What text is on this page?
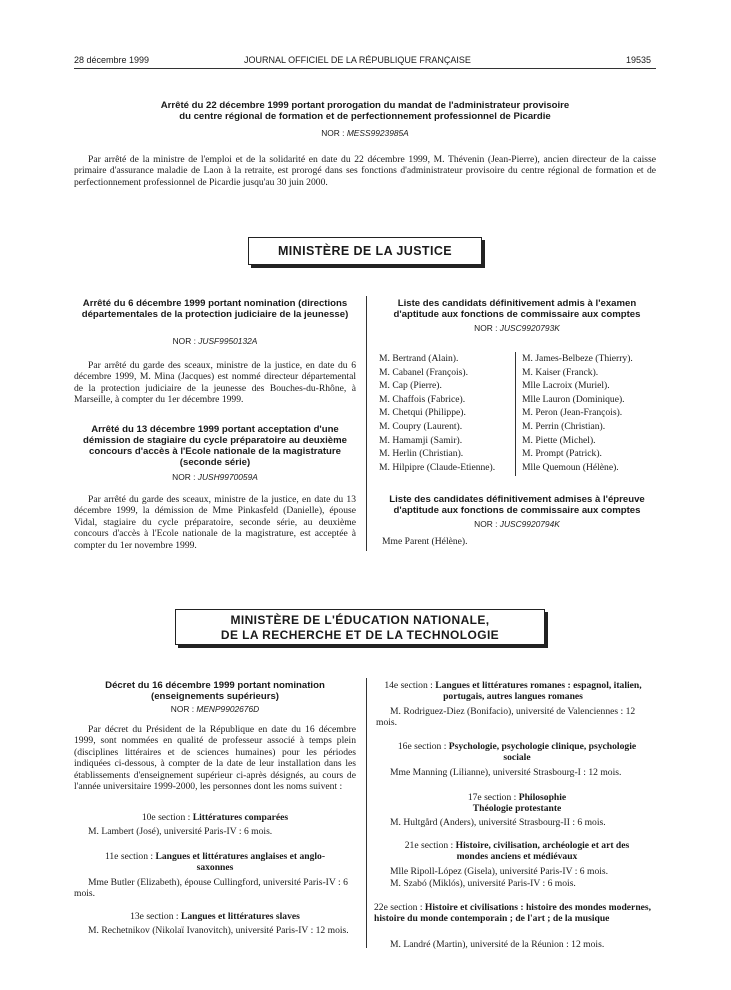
28 décembre 1999	JOURNAL OFFICIEL DE LA RÉPUBLIQUE FRANÇAISE	19535
Arrêté du 22 décembre 1999 portant prorogation du mandat de l'administrateur provisoire
du centre régional de formation et de perfectionnement professionnel de Picardie
NOR : MESS9923985A

Par arrêté de la ministre de l'emploi et de la solidarité en date du 22 décembre 1999, M. Thévenin (Jean-Pierre), ancien directeur de la caisse primaire d'assurance maladie de Laon à la retraite, est prorogé dans ses fonctions d'administrateur provisoire du centre régional de formation et de perfectionnement professionnel de Picardie jusqu'au 30 juin 2000.

MINISTÈRE DE LA JUSTICE
Arrêté du 6 décembre 1999 portant nomination (directions départementales de la protection judiciaire de la jeunesse)
NOR : JUSF9950132A

Par arrêté du garde des sceaux, ministre de la justice, en date du 6 décembre 1999, M. Mina (Jacques) est nommé directeur départemental de la protection judiciaire de la jeunesse des Bouches-du-Rhône, à Marseille, à compter du 1er décembre 1999.

Arrêté du 13 décembre 1999 portant acceptation d'une démission de stagiaire du cycle préparatoire au deuxième concours d'accès à l'Ecole nationale de la magistrature (seconde série)
NOR : JUSH9970059A

Par arrêté du garde des sceaux, ministre de la justice, en date du 13 décembre 1999, la démission de Mme Pinkasfeld (Danielle), épouse Vidal, stagiaire du cycle préparatoire, seconde série, au deuxième concours d'accès à l'Ecole nationale de la magistrature, est acceptée à compter du 1er novembre 1999.

Liste des candidats définitivement admis à l'examen d'aptitude aux fonctions de commissaire aux comptes
NOR : JUSC9920793K
M. Bertrand (Alain).
M. Cabanel (François).
M. Cap (Pierre).
M. Chaffois (Fabrice).
M. Chetqui (Philippe).
M. Coupry (Laurent).
M. Hamamji (Samir).
M. Herlin (Christian).
M. Hilpipre (Claude-Etienne).
M. James-Belbeze (Thierry).
M. Kaiser (Franck).
Mlle Lacroix (Muriel).
Mlle Lauron (Dominique).
M. Peron (Jean-François).
M. Perrin (Christian).
M. Piette (Michel).
M. Prompt (Patrick).
Mlle Quemoun (Hélène).
Liste des candidates définitivement admises à l'épreuve d'aptitude aux fonctions de commissaire aux comptes
NOR : JUSC9920794K
Mme Parent (Hélène).
MINISTÈRE DE L'ÉDUCATION NATIONALE,
DE LA RECHERCHE ET DE LA TECHNOLOGIE
Décret du 16 décembre 1999 portant nomination (enseignements supérieurs)
NOR : MENP9902676D

Par décret du Président de la République en date du 16 décembre 1999, sont nommées en qualité de professeur associé à temps plein (disciplines littéraires et de sciences humaines) pour les périodes indiquées ci-dessous, à compter de la date de leur installation dans les établissements d'enseignement supérieur ci-après désignés, au cours de l'année universitaire 1999-2000, les personnes dont les noms suivent :

10e section : Littératures comparées

M. Lambert (José), université Paris-IV : 6 mois.

11e section : Langues et littératures anglaises et anglo-saxonnes

Mme Butler (Elizabeth), épouse Cullingford, université Paris-IV : 6 mois.

13e section : Langues et littératures slaves

M. Rechetnikov (Nikolaï Ivanovitch), université Paris-IV : 12 mois.

14e section : Langues et littératures romanes : espagnol, italien, portugais, autres langues romanes

M. Rodriguez-Diez (Bonifacio), université de Valenciennes : 12 mois.

16e section : Psychologie, psychologie clinique, psychologie sociale

Mme Manning (Lilianne), université Strasbourg-I : 12 mois.

17e section : Philosophie
Théologie protestante

M. Hultgård (Anders), université Strasbourg-II : 6 mois.

21e section : Histoire, civilisation, archéologie et art des mondes anciens et médiévaux

Mlle Ripoll-López (Gisela), université Paris-IV : 6 mois.

M. Szabó (Miklós), université Paris-IV : 6 mois.

22e section : Histoire et civilisations : histoire des mondes modernes, histoire du monde contemporain ; de l'art ; de la musique

M. Landré (Martin), université de la Réunion : 12 mois.
